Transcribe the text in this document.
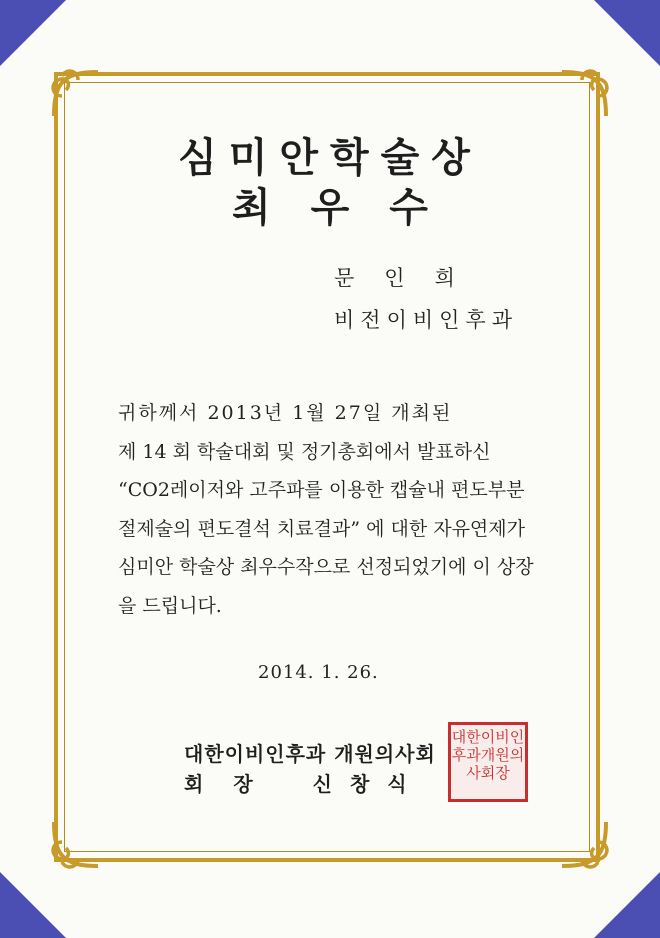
심미안학술상
최우수
문인희
비전이비인후과
귀하께서 2013년 1월 27일 개최된
제 14 회 학술대회 및 정기총회에서 발표하신
“CO2레이저와 고주파를 이용한 캡슐내 편도부분
절제술의 편도결석 치료결과” 에 대한 자유연제가
심미안 학술상 최우수작으로 선정되었기에 이 상장
을 드립니다.
2014. 1. 26.
대한이비인후과 개원의사회
회장 신창식
대한이비인후과개원의사회장
